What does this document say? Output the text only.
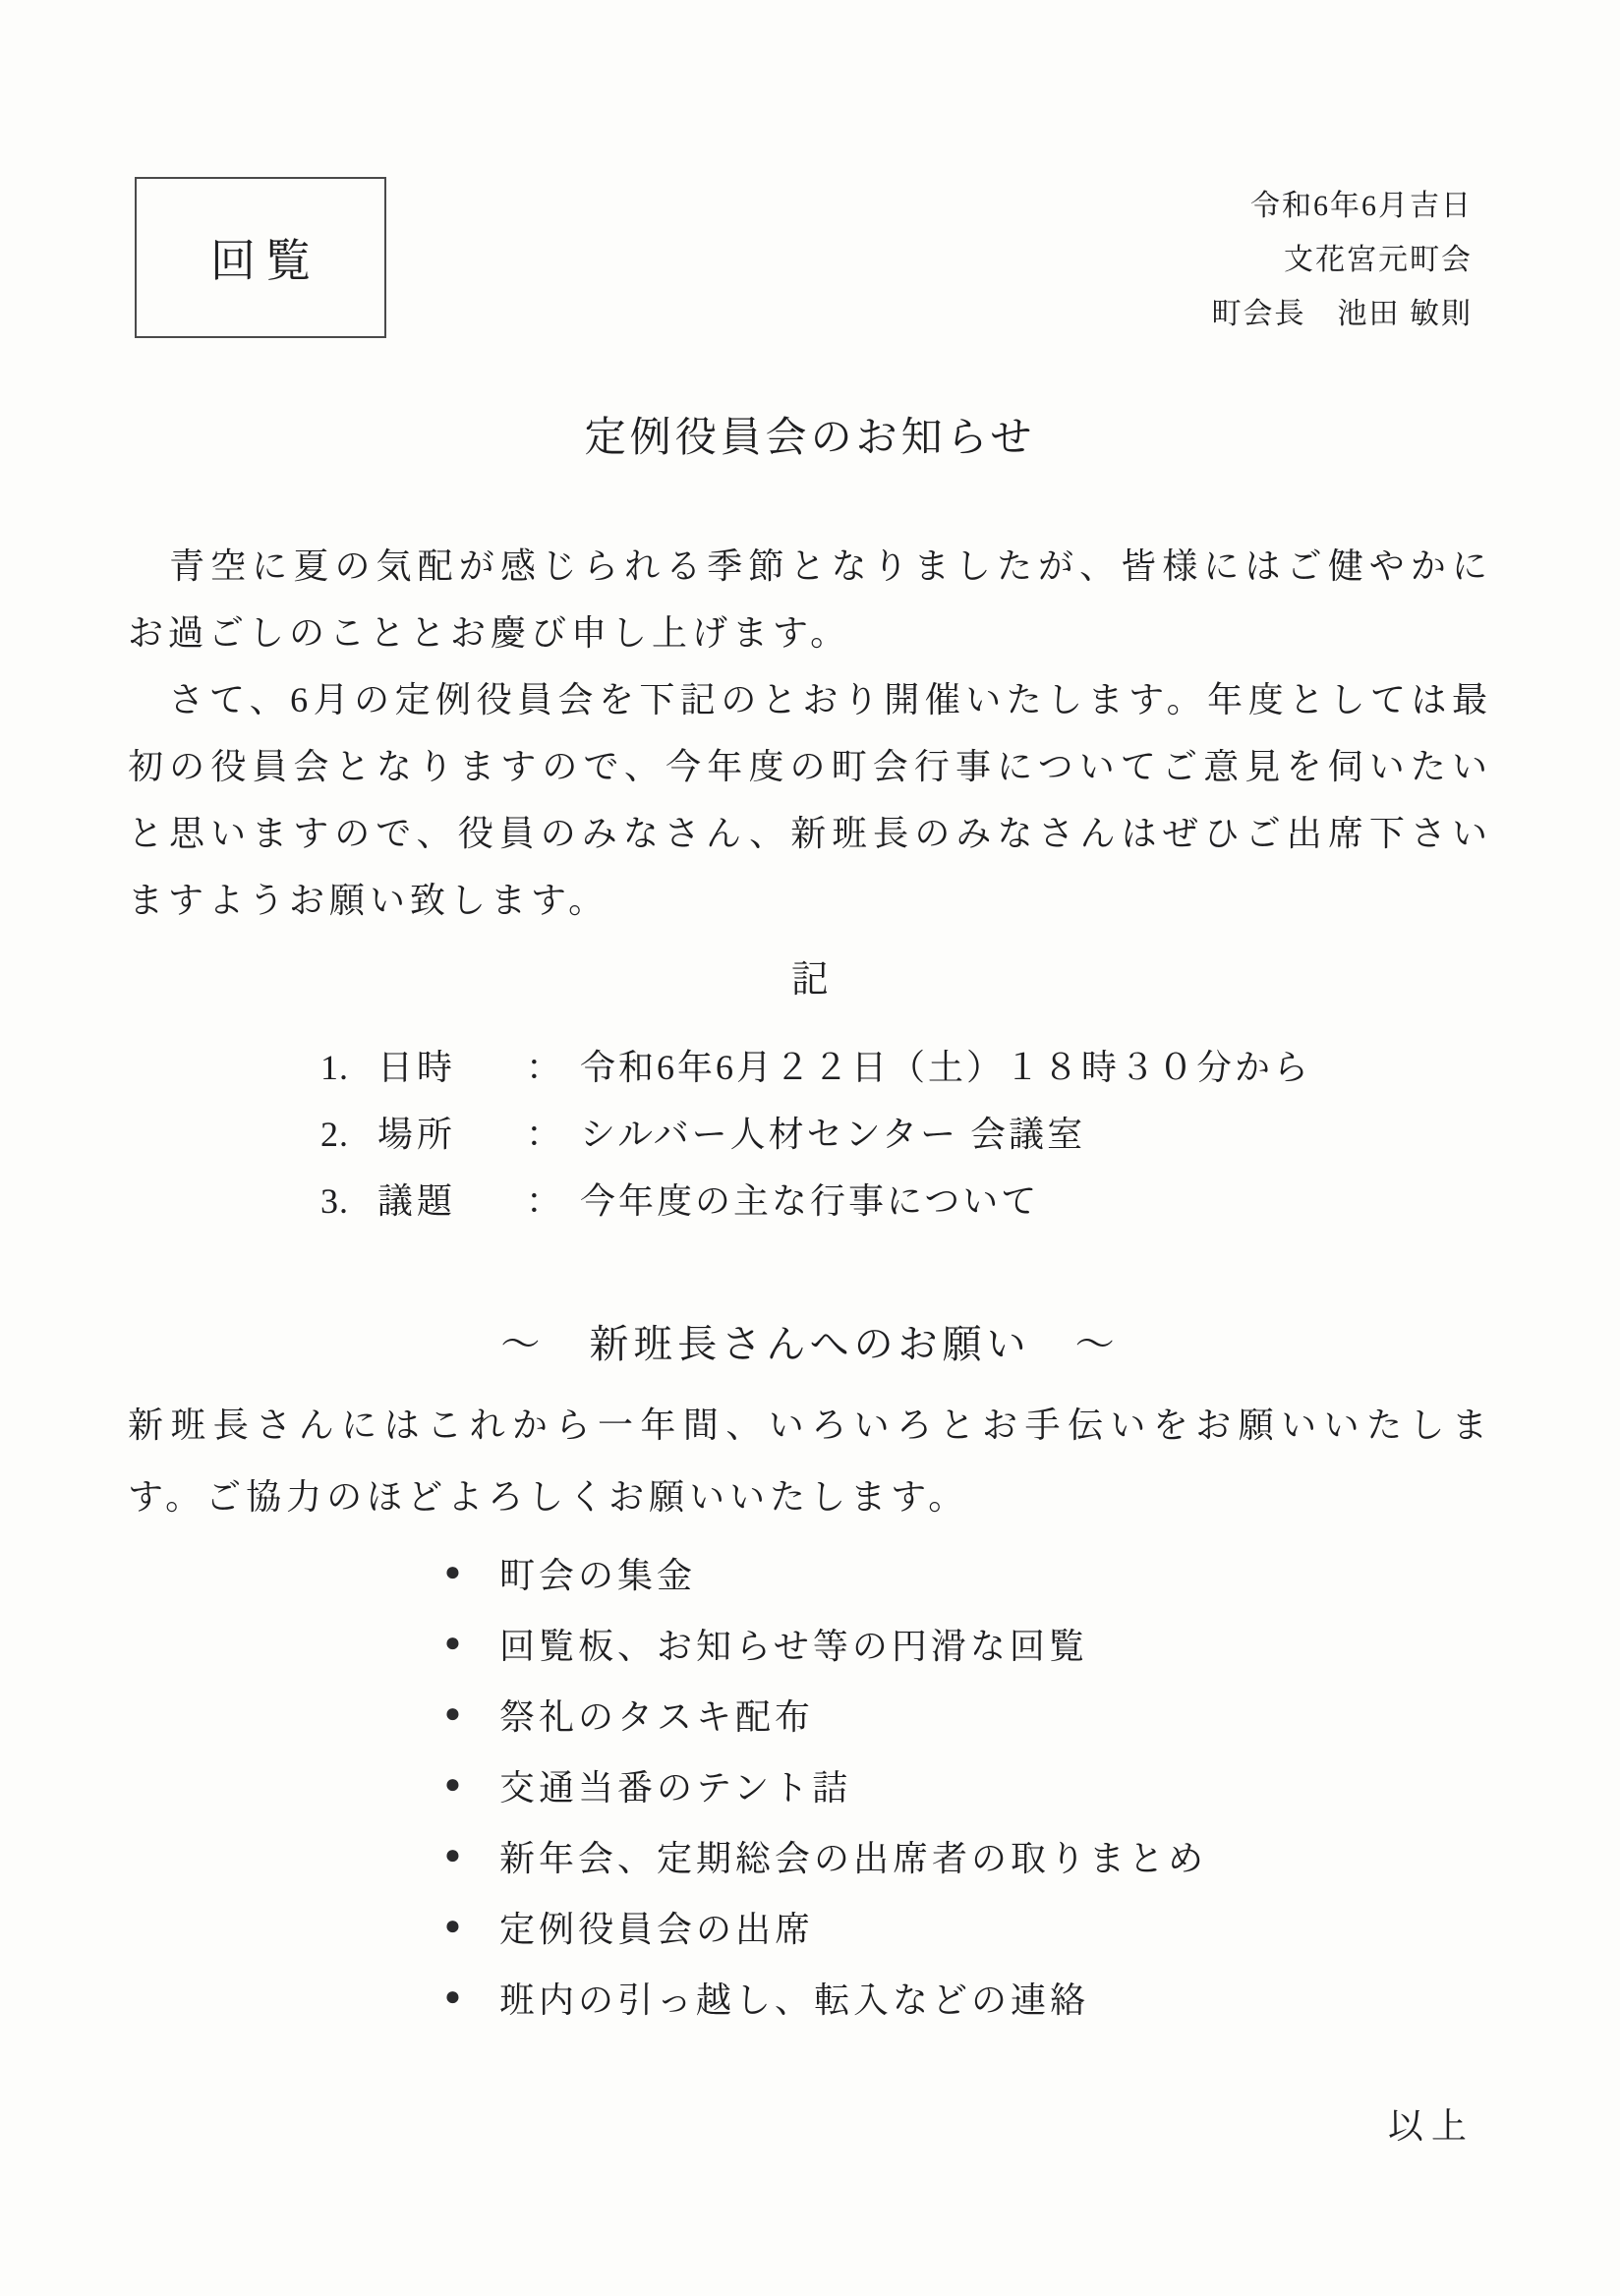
回覧
令和6年6月吉日
文花宮元町会
町会長　池田 敏則
定例役員会のお知らせ

　青空に夏の気配が感じられる季節となりましたが、皆様にはご健やかにお過ごしのこととお慶び申し上げます。

　さて、6月の定例役員会を下記のとおり開催いたします。年度としては最初の役員会となりますので、今年度の町会行事についてご意見を伺いたいと思いますので、役員のみなさん、新班長のみなさんはぜひご出席下さいますようお願い致します。

記
1. 日時	： 令和6年6月２２日（土）１８時３０分から
2. 場所	： シルバー人材センター 会議室
3. 議題	： 今年度の主な行事について
～　新班長さんへのお願い　～

新班長さんにはこれから一年間、いろいろとお手伝いをお願いいたします。ご協力のほどよろしくお願いいたします。

● 町会の集金
● 回覧板、お知らせ等の円滑な回覧
● 祭礼のタスキ配布
● 交通当番のテント詰
● 新年会、定期総会の出席者の取りまとめ
● 定例役員会の出席
● 班内の引っ越し、転入などの連絡
以上
